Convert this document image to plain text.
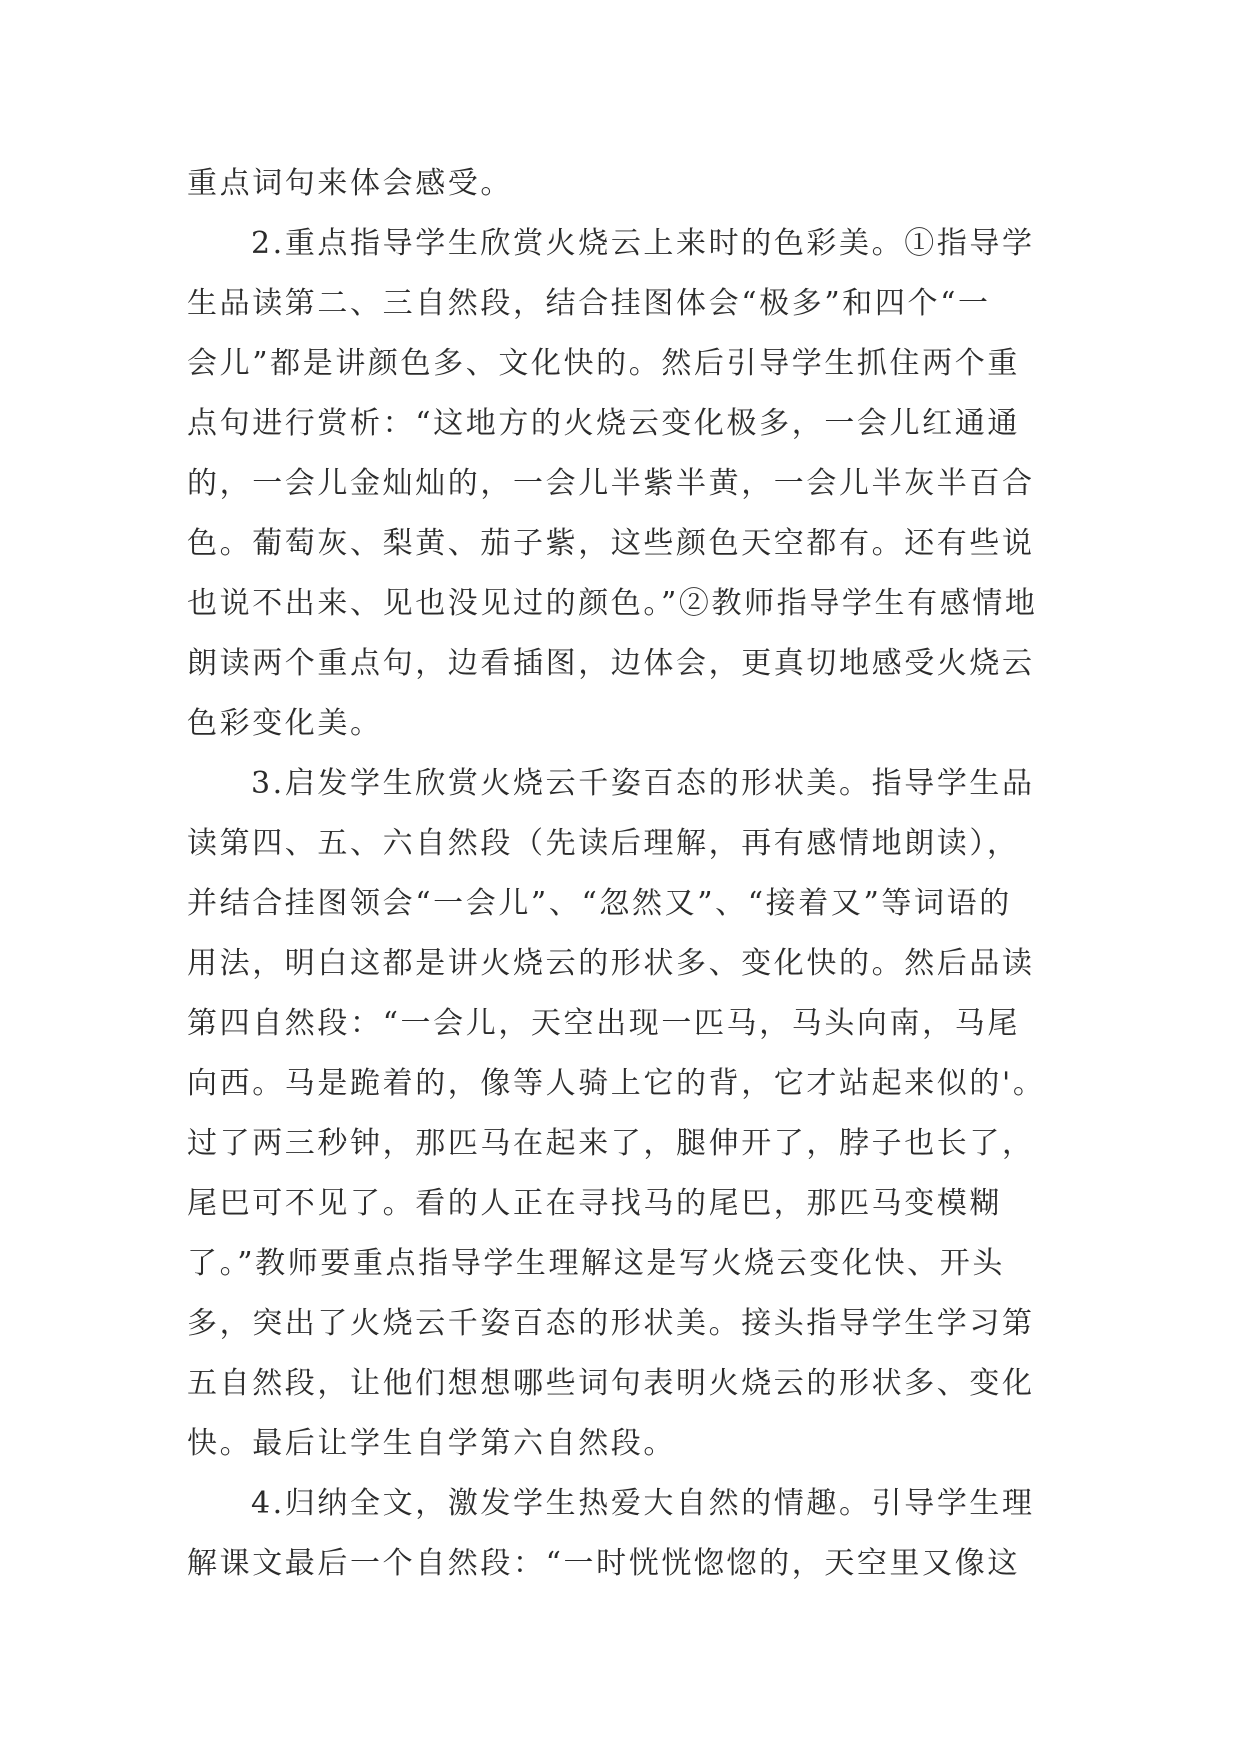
重点词句来体会感受。
2.重点指导学生欣赏火烧云上来时的色彩美。①指导学
生品读第二、三自然段，结合挂图体会“极多”和四个“一
会儿”都是讲颜色多、文化快的。然后引导学生抓住两个重
点句进行赏析：“这地方的火烧云变化极多，一会儿红通通
的，一会儿金灿灿的，一会儿半紫半黄，一会儿半灰半百合
色。葡萄灰、梨黄、茄子紫，这些颜色天空都有。还有些说
也说不出来、见也没见过的颜色。”②教师指导学生有感情地
朗读两个重点句，边看插图，边体会，更真切地感受火烧云
色彩变化美。
3.启发学生欣赏火烧云千姿百态的形状美。指导学生品
读第四、五、六自然段（先读后理解，再有感情地朗读），
并结合挂图领会“一会儿”、“忽然又”、“接着又”等词语的
用法，明白这都是讲火烧云的形状多、变化快的。然后品读
第四自然段：“一会儿，天空出现一匹马，马头向南，马尾
向西。马是跪着的，像等人骑上它的背，它才站起来似的'。
过了两三秒钟，那匹马在起来了，腿伸开了，脖子也长了，
尾巴可不见了。看的人正在寻找马的尾巴，那匹马变模糊
了。”教师要重点指导学生理解这是写火烧云变化快、开头
多，突出了火烧云千姿百态的形状美。接头指导学生学习第
五自然段，让他们想想哪些词句表明火烧云的形状多、变化
快。最后让学生自学第六自然段。
4.归纳全文，激发学生热爱大自然的情趣。引导学生理
解课文最后一个自然段：“一时恍恍惚惚的，天空里又像这
